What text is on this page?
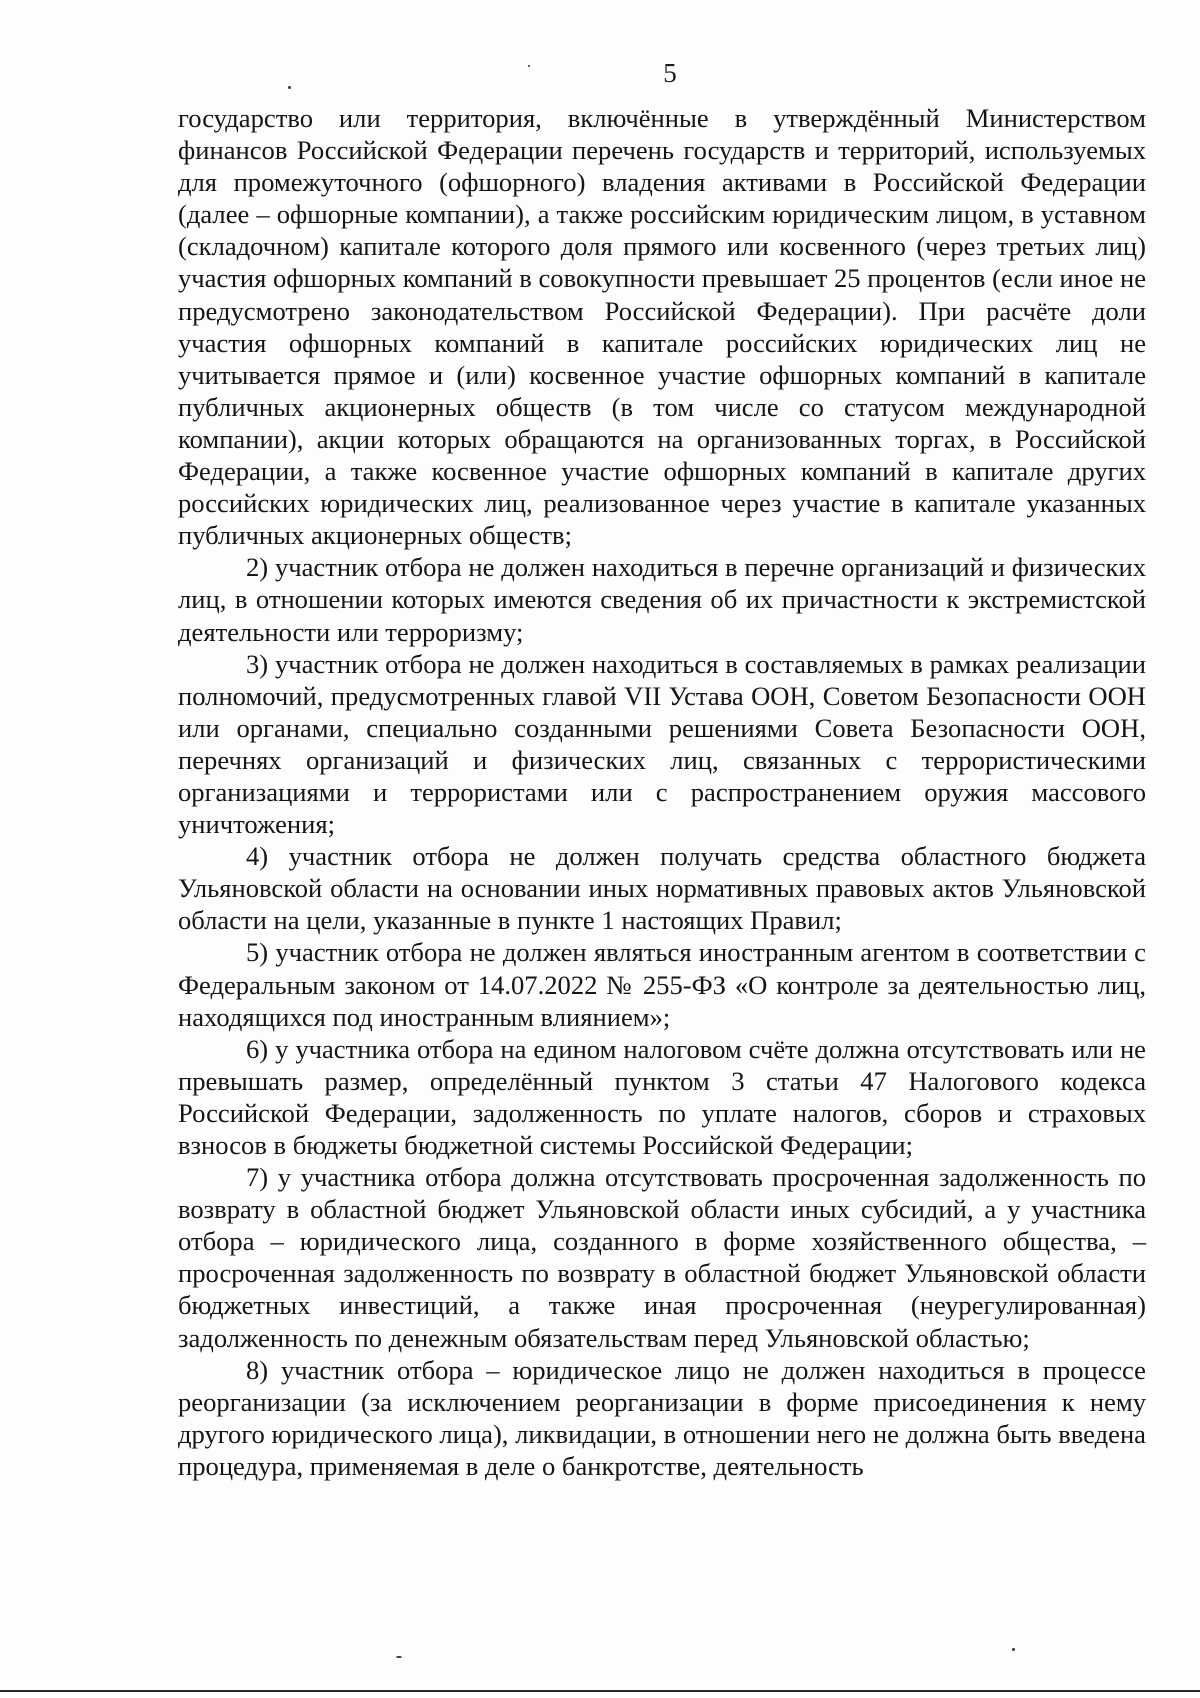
5

государство или территория, включённые в утверждённый Министерством финансов Российской Федерации перечень государств и территорий, используемых для промежуточного (офшорного) владения активами в Российской Федерации (далее – офшорные компании), а также российским юридическим лицом, в уставном (складочном) капитале которого доля прямого или косвенного (через третьих лиц) участия офшорных компаний в совокупности превышает 25 процентов (если иное не предусмотрено законодательством Российской Федерации). При расчёте доли участия офшорных компаний в капитале российских юридических лиц не учитывается прямое и (или) косвенное участие офшорных компаний в капитале публичных акционерных обществ (в том числе со статусом международной компании), акции которых обращаются на организованных торгах, в Российской Федерации, а также косвенное участие офшорных компаний в капитале других российских юридических лиц, реализованное через участие в капитале указанных публичных акционерных обществ;

2) участник отбора не должен находиться в перечне организаций и физических лиц, в отношении которых имеются сведения об их причастности к экстремистской деятельности или терроризму;

3) участник отбора не должен находиться в составляемых в рамках реализации полномочий, предусмотренных главой VII Устава ООН, Советом Безопасности ООН или органами, специально созданными решениями Совета Безопасности ООН, перечнях организаций и физических лиц, связанных с террористическими организациями и террористами или с распространением оружия массового уничтожения;

4) участник отбора не должен получать средства областного бюджета Ульяновской области на основании иных нормативных правовых актов Ульяновской области на цели, указанные в пункте 1 настоящих Правил;

5) участник отбора не должен являться иностранным агентом в соответствии с Федеральным законом от 14.07.2022 № 255-ФЗ «О контроле за деятельностью лиц, находящихся под иностранным влиянием»;

6) у участника отбора на едином налоговом счёте должна отсутствовать или не превышать размер, определённый пунктом 3 статьи 47 Налогового кодекса Российской Федерации, задолженность по уплате налогов, сборов и страховых взносов в бюджеты бюджетной системы Российской Федерации;

7) у участника отбора должна отсутствовать просроченная задолженность по возврату в областной бюджет Ульяновской области иных субсидий, а у участника отбора – юридического лица, созданного в форме хозяйственного общества, – просроченная задолженность по возврату в областной бюджет Ульяновской области бюджетных инвестиций, а также иная просроченная (неурегулированная) задолженность по денежным обязательствам перед Ульяновской областью;

8) участник отбора – юридическое лицо не должен находиться в процессе реорганизации (за исключением реорганизации в форме присоединения к нему другого юридического лица), ликвидации, в отношении него не должна быть введена процедура, применяемая в деле о банкротстве, деятельность
